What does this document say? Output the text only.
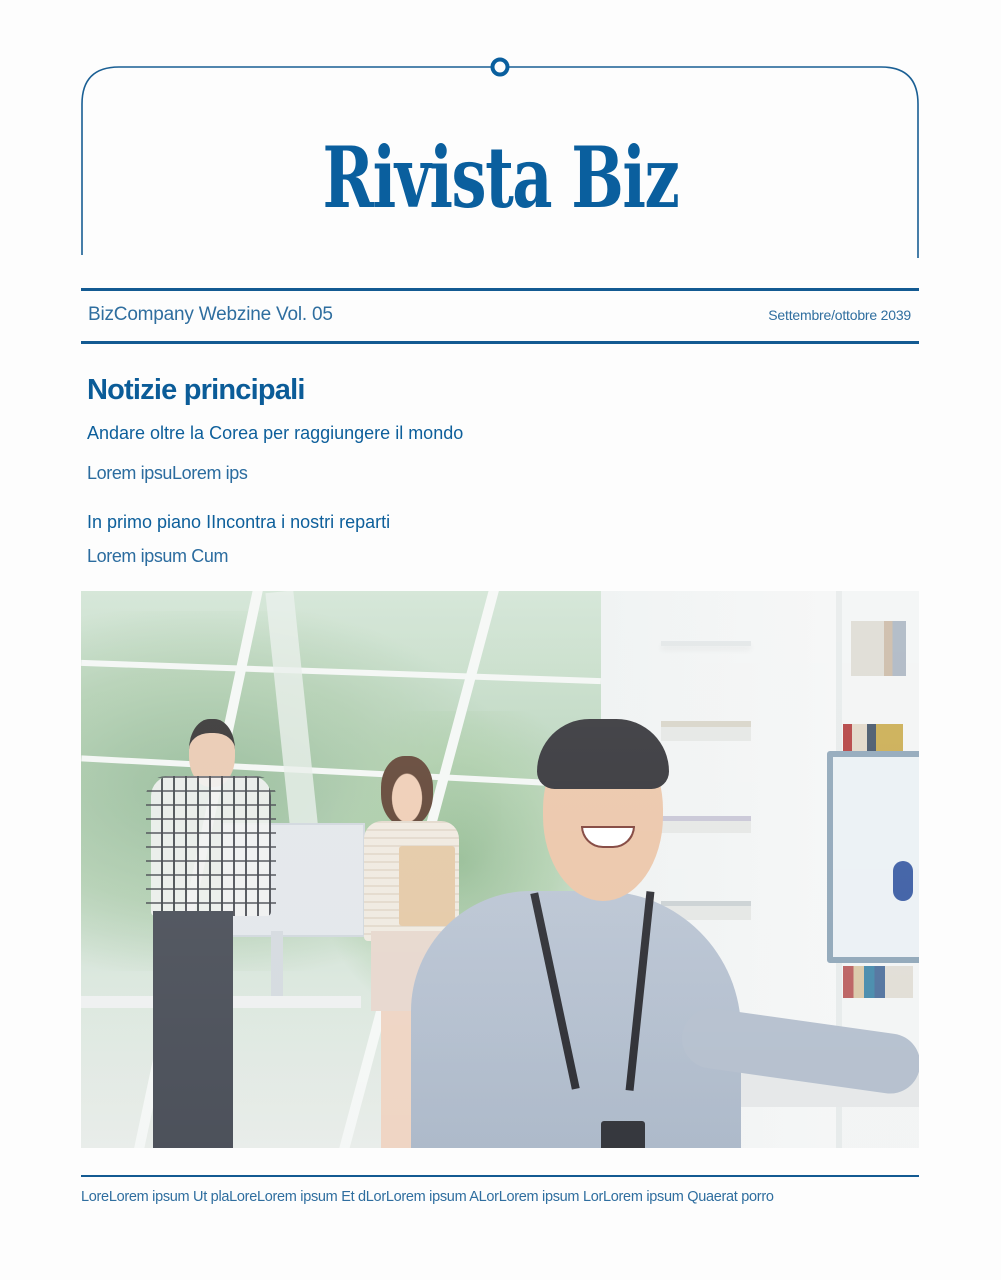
Rivista Biz
BizCompany Webzine Vol. 05	Settembre/ottobre 2039
Notizie principali
Andare oltre la Corea per raggiungere il mondo
Lorem ipsuLorem ips
In primo piano IIncontra i nostri reparti
Lorem ipsum Cum
LoreLorem ipsum Ut plaLoreLorem ipsum Et dLorLorem ipsum ALorLorem ipsum LorLorem ipsum Quaerat porro
